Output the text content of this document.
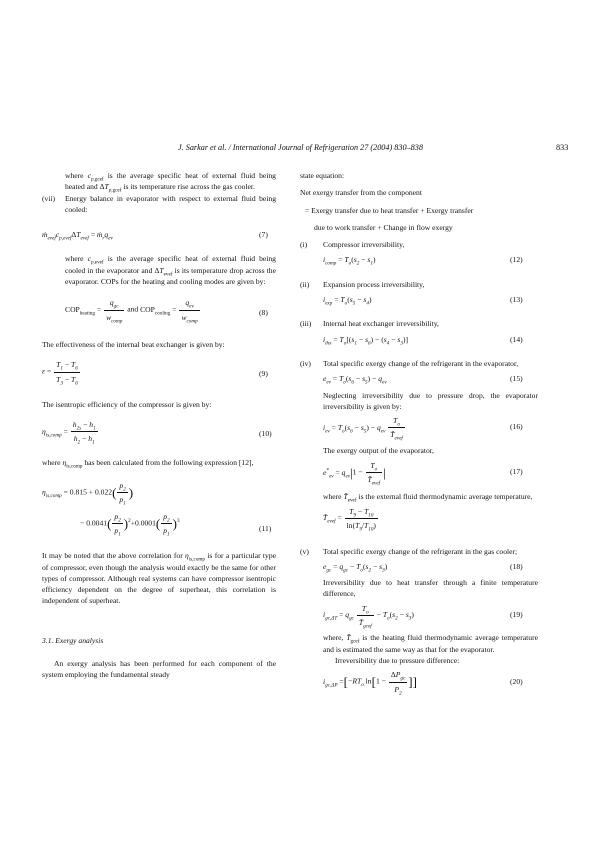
J. Sarkar et al. / International Journal of Refrigeration 27 (2004) 830–838	833

where $c_{p,gcef}$ is the average specific heat of external fluid being heated and $\Delta T_{p,gcef}$ is its temperature rise across the gas cooler.

(vii) Energy balance in evaporator with respect to external fluid being cooled:

$ṁ_{evef}c_{p,evef}\Delta T_{evef}$ = $ṁ_rq_{ev}$	(7)

where $c_{p,evef}$ is the average specific heat of external fluid being cooled in the evaporator and $\Delta T_{evef}$ is its temperature drop across the evaporator. COPs for the heating and cooling modes are given by:

$COP_{heating}$ =
$q_{gc}$
$w_{comp}$
and $COP_{cooling}$ =
$q_{ev}$
$w_{comp}$
(8)

The effectiveness of the internal beat exchanger is given by:

$\varepsilon = \frac{T_1 - T_6}{T_3 - T_6}$	(9)

The isentropic efficiency of the compressor is given by:

$\eta_{is,comp} = \frac{h_{2s} - h_1}{h_2 - h_1}$	(10)

where $\eta_{is,comp}$ has been calculated from the following expression [12],

$\eta_{is,comp} = 0.815 + 0.022( \frac{p_2}{p_1}$ )
− $0.0041( \frac{p_2}{p_1} )^2+0.0001( \frac{p_2}{p_1} )^3$
(11)

It may be noted that the above correlation for $\eta_{is,comp}$ is for a particular type of compressor, even though the analysis would exactly be the same for other types of compressor. Although real systems can have compressor isentropic efficiency dependent on the degree of superheat, this correlation is independent of superheat.

3.1. Exergy analysis

An exergy analysis has been performed for each component of the system employing the fundamental steady

state equation:

Net exergy transfer from the component

= Exergy transfer due to heat transfer + Exergy transfer

due to work transfer + Change in flow exergy

(i) Compressor irreversibility,

$i_{comp} = T_o(s_2 - s_1)$	(12)
(ii) Expansion process irreversibility,

$i_{exp} = T_o(s_5 - s_4)$	(13)
(iii) Internal heat exchanger irreversibility,

$i_{ihx} = T_o[(s_1 - s_6) - (s_4 - s_3)]$	(14)
(iv) Total specific exergy change of the refrigerant in the evaporator,

$e_{ev} = T_o(s_6 - s_5) - q_{ev}$	(15)

Neglecting irreversibility due to pressure drop, the evaporator irreversibility is given by:

$i_{ev} = T_o(s_6 - s_5) - q_{ev}$
$T_o$
$T̄_{evef}$
(16)

The exergy output of the evaporator,

$e^*_{ev} = q_{ev}|1$ −
$T_o$
$T̄_{evef}$
|	(17)

where $T̄_{evef}$ is the external fluid thermodynamic average temperature,

$T̄_{evef} = \frac{T_9 - T_{10}}{\ln(T_9/T_{10})}$
(v) Total specific exergy change of the refrigerant in the gas cooler;

$e_{gc} = q_{gc} - T_o(s_2 - s_3)$	(18)

Irreversibility due to heat transfer through a finite temperature difference,

$i_{gc,\Delta T} = q_{gc}$
$T_o$
$T̄_{gcef}$
− $T_o(s_2 - s_3)$	(19)

where, $T̄_{gcef}$ is the heating fluid thermodynamic average temperature and is estimated the same way as that for the evaporator.

Irreversibility due to pressure difference:

$i_{gc,\Delta P} =[-RT_o$ ln[1 −
$\Delta P_{gc}$
$P_2$
]]	(20)
